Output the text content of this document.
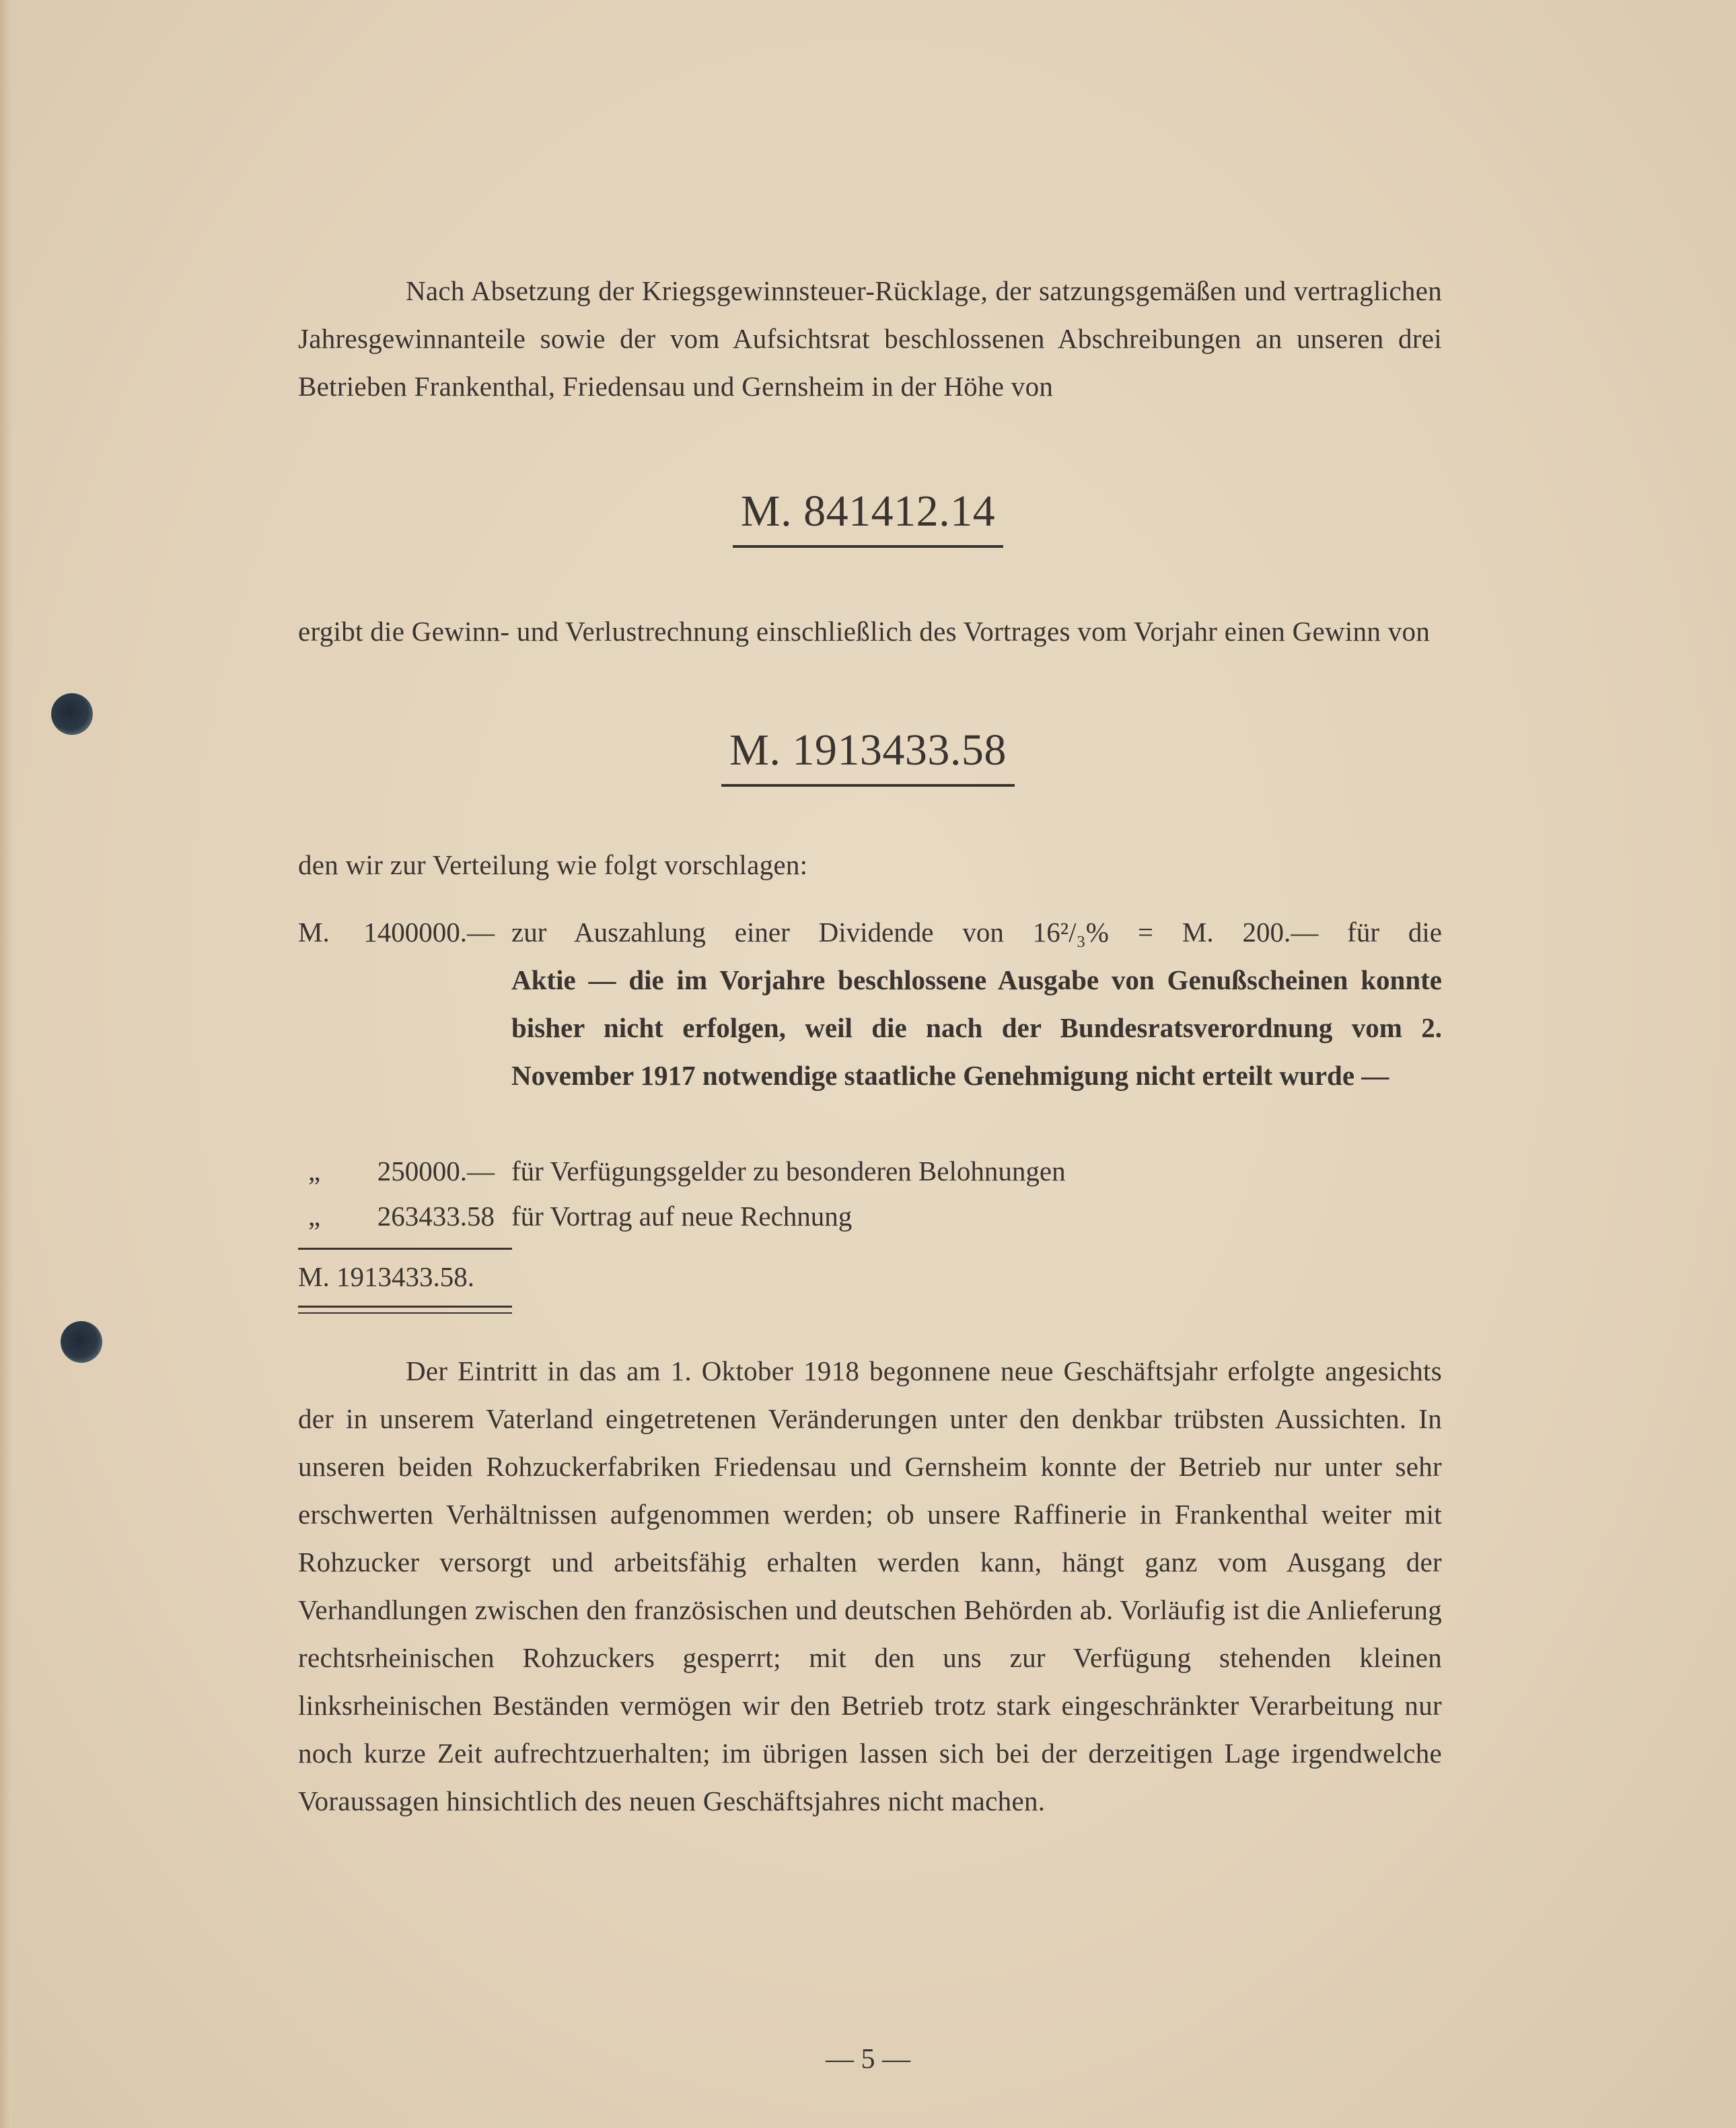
Nach Absetzung der Kriegsgewinnsteuer-Rücklage, der satzungsgemäßen und vertraglichen Jahresgewinnanteile sowie der vom Aufsichtsrat beschlossenen Abschreibungen an unseren drei Betrieben Frankenthal, Friedensau und Gernsheim in der Höhe von

M. 841412.14

ergibt die Gewinn- und Verlustrechnung einschließlich des Vortrages vom Vorjahr einen Gewinn von

M. 1913433.58

den wir zur Verteilung wie folgt vorschlagen:

M.	1400000.— zur Auszahlung einer Dividende von 16²/₃% = M. 200.— für die
Aktie — die im Vorjahre beschlossene Ausgabe von Genußscheinen konnte bisher nicht erfolgen, weil die nach der Bundesratsverordnung vom 2. November 1917 notwendige staatliche Genehmigung nicht erteilt wurde —
„	250000.— für Verfügungsgelder zu besonderen Belohnungen
„	263433.58 für Vortrag auf neue Rechnung
M. 1913433.58.

Der Eintritt in das am 1. Oktober 1918 begonnene neue Geschäftsjahr erfolgte angesichts der in unserem Vaterland eingetretenen Veränderungen unter den denkbar trübsten Aussichten. In unseren beiden Rohzuckerfabriken Friedensau und Gernsheim konnte der Betrieb nur unter sehr erschwerten Verhältnissen aufgenommen werden; ob unsere Raffinerie in Frankenthal weiter mit Rohzucker versorgt und arbeitsfähig erhalten werden kann, hängt ganz vom Ausgang der Verhandlungen zwischen den französischen und deutschen Behörden ab. Vorläufig ist die Anlieferung rechtsrheinischen Rohzuckers gesperrt; mit den uns zur Verfügung stehenden kleinen linksrheinischen Beständen vermögen wir den Betrieb trotz stark eingeschränkter Verarbeitung nur noch kurze Zeit aufrechtzuerhalten; im übrigen lassen sich bei der derzeitigen Lage irgendwelche Voraussagen hinsichtlich des neuen Geschäftsjahres nicht machen.

— 5 —
